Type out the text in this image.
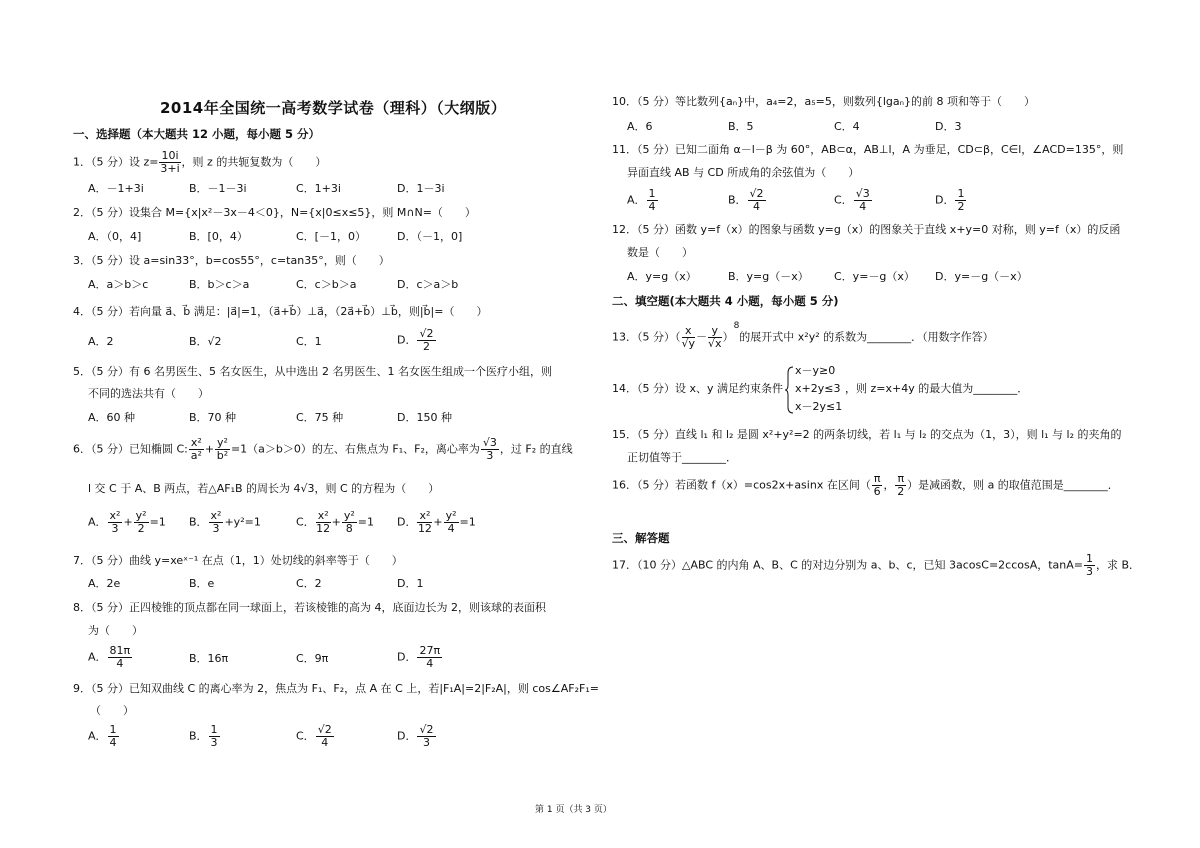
2014年全国统一高考数学试卷（理科）（大纲版）
一、选择题（本大题共 12 小题，每小题 5 分）
1．（5 分）设 $z= \frac{10i}{3+i}$ ，则 z 的共轭复数为（　　）
A．－1+3i	B．－1－3i	C．1+3i	D．1－3i
2．（5 分）设集合 M={x|x²－3x－4＜0}，N={x|0≤x≤5}，则 M∩N=（　　）
A．（0，4]	B．[0，4）	C．[－1，0）	D．（－1，0]
3．（5 分）设 a=sin33°，b=cos55°，c=tan35°，则（　　）
A．a＞b＞c	B．b＞c＞a	C．c＞b＞a	D．c＞a＞b
4．（5 分）若向量 a⃗、b⃗ 满足：|a⃗|=1，（a⃗+b⃗）⊥a⃗，（2a⃗+b⃗）⊥b⃗，则|b⃗|=（　　）
A．2	B．√2	C．1	D． $\frac{√2}{2}$
5．（5 分）有 6 名男医生、5 名女医生，从中选出 2 名男医生、1 名女医生组成一个医疗小组，则
不同的选法共有（　　）
A．60 种	B．70 种	C．75 种	D．150 种
6．（5 分）已知椭圆 C: $\frac{\text{x²}}{\text{a²}} + \frac{\text{y²}}{\text{b²}} =1(a>b>0)$的左、右焦点为 F₁、F₂，离心率为 $\frac{√3}{3}$ ，过 F₂ 的直线
l 交 C 于 A、B 两点，若△AF₁B 的周长为 4√3，则 C 的方程为（　　）
A． $\frac{\text{x²}}{3} + \frac{\text{y²}}{2} =1$ B． $\frac{\text{x²}}{3} +y^2=1$	C． $\frac{\text{x²}}{12} + \frac{\text{y²}}{8} =1$ D． $\frac{\text{x²}}{12} + \frac{\text{y²}}{4} =1$
7．（5 分）曲线 y=xeˣ⁻¹ 在点（1，1）处切线的斜率等于（　　）
A．2e	B．e	C．2	D．1
8．（5 分）正四棱锥的顶点都在同一球面上，若该棱锥的高为 4，底面边长为 2，则该球的表面积
为（　　）
A． $\frac{81\pi}{4}$	B．16π	C．9π	D． $\frac{27\pi}{4}$
9．（5 分）已知双曲线 C 的离心率为 2，焦点为 F₁、F₂，点 A 在 C 上，若|F₁A|=2|F₂A|，则 cos∠AF₂F₁=
（　　）
A． $\frac{1}{4}$	B． $\frac{1}{3}$	C． $\frac{√2}{4}$	D． $\frac{√2}{3}$
10．（5 分）等比数列{aₙ}中，a₄=2，a₅=5，则数列{lgaₙ}的前 8 项和等于（　　）
A．6	B．5	C．4	D．3
11．（5 分）已知二面角 α－l－β 为 60°，AB⊂α，AB⊥l，A 为垂足，CD⊂β，C∈l，∠ACD=135°，则
异面直线 AB 与 CD 所成角的余弦值为（　　）
A． $\frac{1}{4}$	B． $\frac{√2}{4}$	C． $\frac{√3}{4}$	D． $\frac{1}{2}$
12．（5 分）函数 y=f（x）的图象与函数 y=g（x）的图象关于直线 x+y=0 对称，则 y=f（x）的反函
数是（　　）
A．y=g（x）	B．y=g（－x） C．y=－g（x） D．y=－g（－x）
二、填空题(本大题共 4 小题，每小题 5 分)
13．（5 分）（ $\frac{x}{√y} - \frac{y}{√x} )^8$的展开式中 x²y² 的系数为________．（用数字作答）
14．（5 分）设 x、y 满足约束条件
x－y≥0
x+2y≤3
x－2y≤1
，则 z=x+4y 的最大值为________．
15．（5 分）直线 l₁ 和 l₂ 是圆 x²+y²=2 的两条切线，若 l₁ 与 l₂ 的交点为（1，3），则 l₁ 与 l₂ 的夹角的
正切值等于________．
16．（5 分）若函数 f（x）=cos2x+asinx 在区间（ $\frac{\pi}{6}$ ， $\frac{\pi}{2}$ ）是减函数，则 a 的取值范围是________．
三、解答题
17．（10 分）△ABC 的内角 A、B、C 的对边分别为 a、b、c，已知 3acosC=2ccosA，$\tan A= \frac{1}{3}$ ，求 B．
第 1 页（共 3 页）
